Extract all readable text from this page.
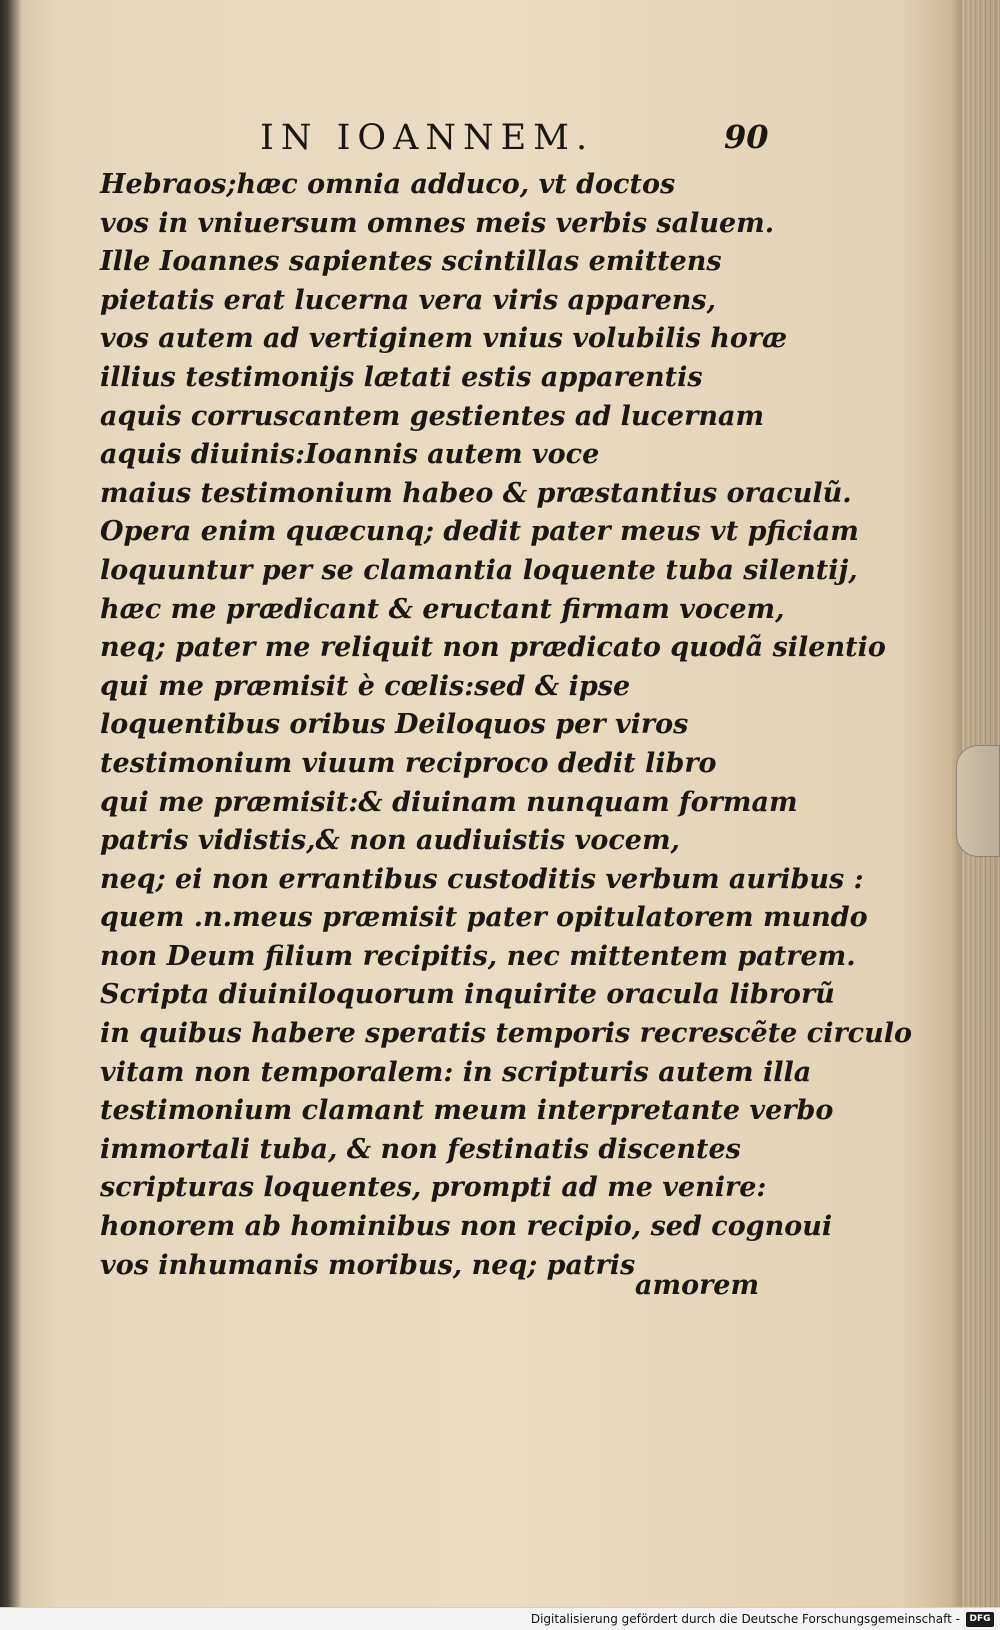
IN IOANNEM.	90
Hebraos;hæc omnia adduco, vt doctos
vos in vniuersum omnes meis verbis saluem.
Ille Ioannes sapientes scintillas emittens
pietatis erat lucerna vera viris apparens,
vos autem ad vertiginem vnius volubilis horæ
illius testimonijs lætati estis apparentis
aquis corruscantem gestientes ad lucernam
aquis diuinis:Ioannis autem voce
maius testimonium habeo & præstantius oraculũ.
Opera enim quæcunq; dedit pater meus vt pficiam
loquuntur per se clamantia loquente tuba silentij,
hæc me prædicant & eructant firmam vocem,
neq; pater me reliquit non prædicato quodã silentio
qui me præmisit è cœlis:sed & ipse
loquentibus oribus Deiloquos per viros
testimonium viuum reciproco dedit libro
qui me præmisit:& diuinam nunquam formam
patris vidistis,& non audiuistis vocem,
neq; ei non errantibus custoditis verbum auribus :
quem .n.meus præmisit pater opitulatorem mundo
non Deum filium recipitis, nec mittentem patrem.
Scripta diuiniloquorum inquirite oracula librorũ
in quibus habere speratis temporis recrescẽte circulo
vitam non temporalem: in scripturis autem illa
testimonium clamant meum interpretante verbo
immortali tuba, & non festinatis discentes
scripturas loquentes, prompti ad me venire:
honorem ab hominibus non recipio, sed cognoui
vos inhumanis moribus, neq; patris
amorem
Digitalisierung gefördert durch die Deutsche Forschungsgemeinschaft -	DFG
